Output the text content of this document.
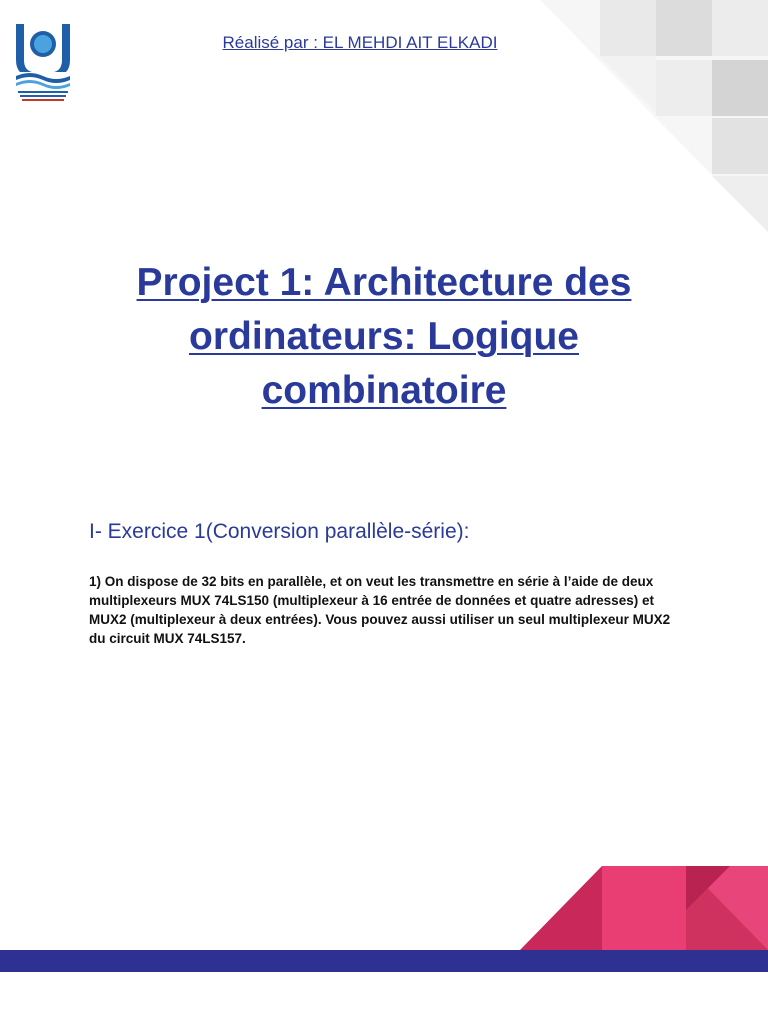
Réalisé par : EL MEHDI AIT ELKADI
Project 1: Architecture des ordinateurs: Logique combinatoire
I- Exercice 1(Conversion parallèle-série):

1) On dispose de 32 bits en parallèle, et on veut les transmettre en série à l’aide de deux multiplexeurs MUX 74LS150 (multiplexeur à 16 entrée de données et quatre adresses) et MUX2 (multiplexeur à deux entrées). Vous pouvez aussi utiliser un seul multiplexeur MUX2 du circuit MUX 74LS157.
